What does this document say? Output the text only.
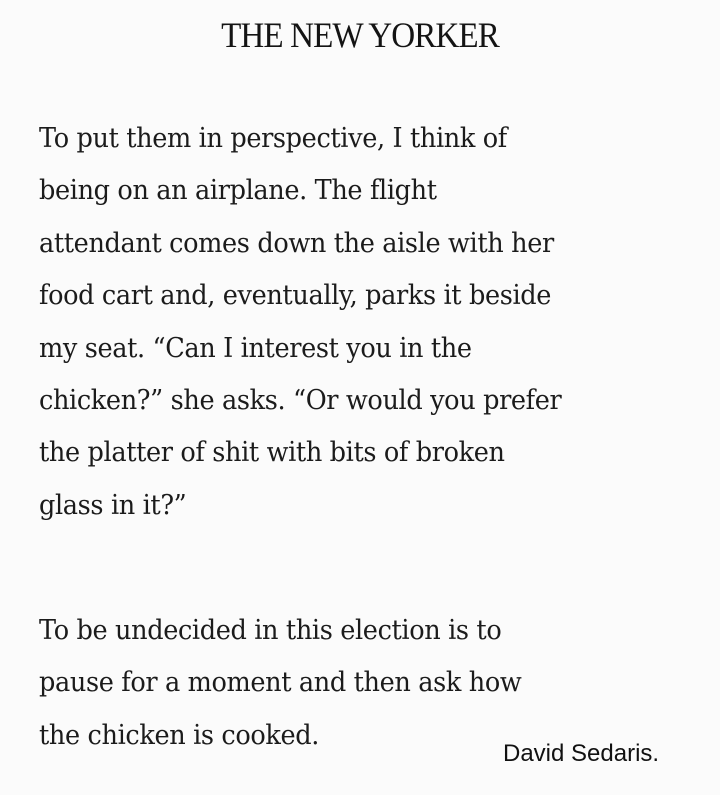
THE NEW YORKER
To put them in perspective, I think of
being on an airplane. The flight
attendant comes down the aisle with her
food cart and, eventually, parks it beside
my seat. “Can I interest you in the
chicken?” she asks. “Or would you prefer
the platter of shit with bits of broken
glass in it?”
To be undecided in this election is to
pause for a moment and then ask how
the chicken is cooked.
David Sedaris.
